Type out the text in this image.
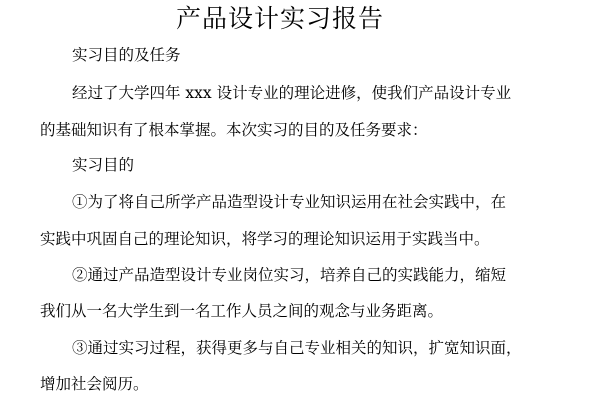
产品设计实习报告

实习目的及任务

经过了大学四年 xxx 设计专业的理论进修，使我们产品设计专业

的基础知识有了根本掌握。本次实习的目的及任务要求：

实习目的

①为了将自己所学产品造型设计专业知识运用在社会实践中，在

实践中巩固自己的理论知识，将学习的理论知识运用于实践当中。

②通过产品造型设计专业岗位实习，培养自己的实践能力，缩短

我们从一名大学生到一名工作人员之间的观念与业务距离。

③通过实习过程，获得更多与自己专业相关的知识，扩宽知识面，

增加社会阅历。
